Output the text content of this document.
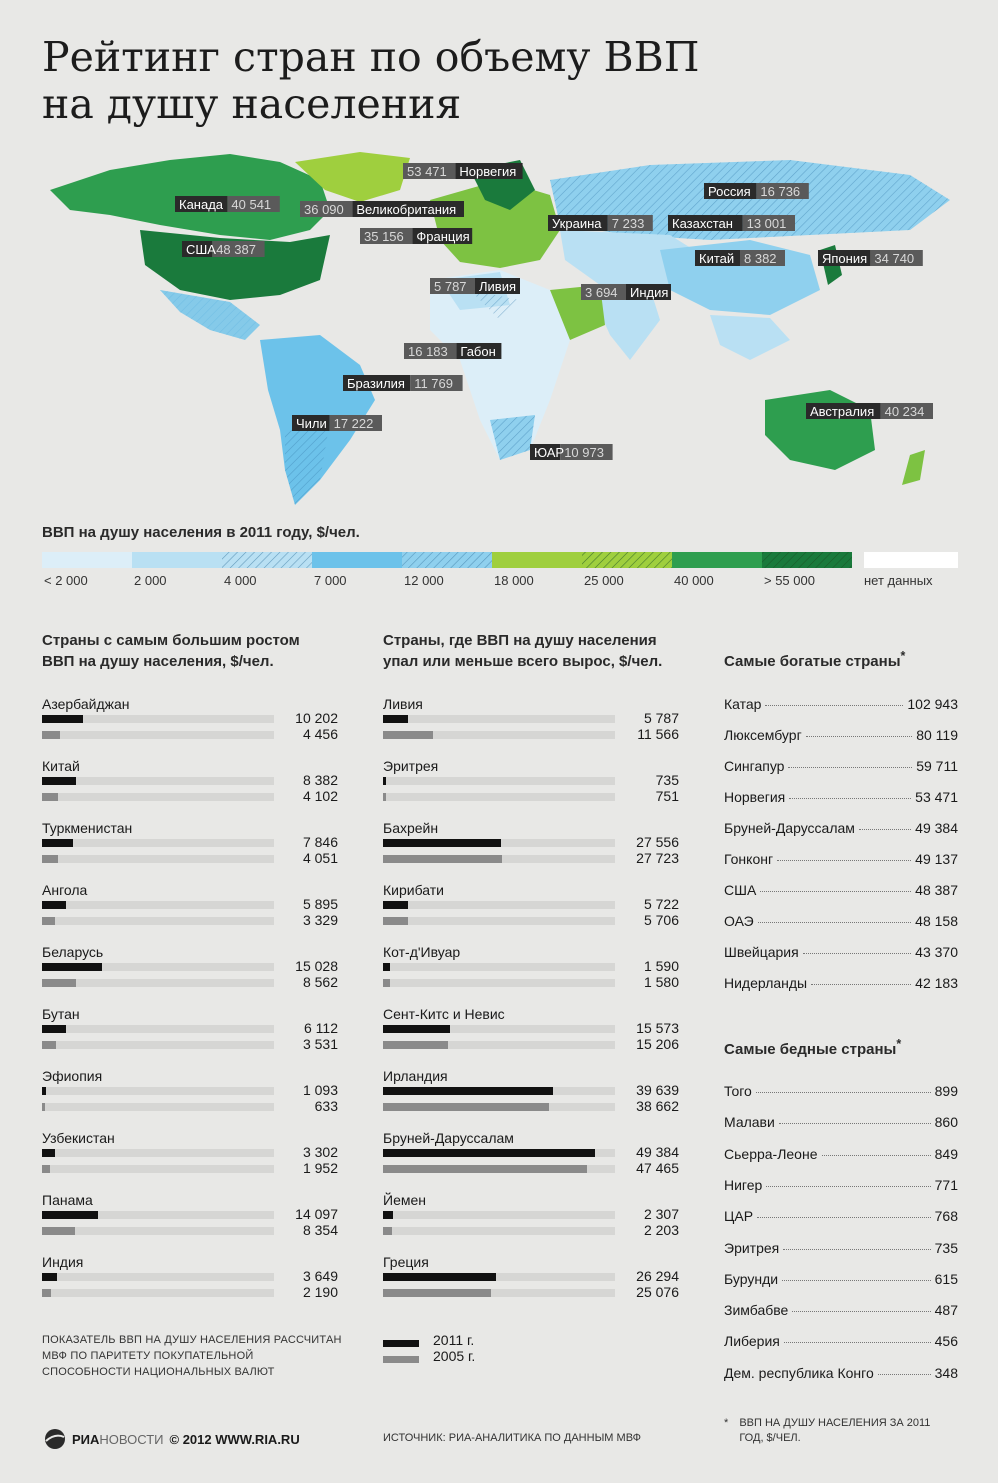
Рейтинг стран по объему ВВП
на душу населения
Канада 40 541
США 48 387
53 471 Норвегия
36 090 Великобритания
35 156 Франция
Украина 7 233
Россия 16 736
Казахстан 13 001
Китай 8 382	Япония 34 740
5 787 Ливия	3 694 Индия
16 183 Габон
Бразилия 11 769
Чили 17 222
ЮАР 10 973
Австралия 40 234
ВВП на душу населения в 2011 году, $/чел.
< 2 000	2 000	4 000	7 000	12 000	18 000	25 000	40 000	> 55 000	нет данных
Страны с самым большим ростом
ВВП на душу населения, $/чел.
Страны, где ВВП на душу населения
упал или меньше всего вырос, $/чел.	Самые богатые страны*
Самые бедные страны*
Азербайджан
10 202
4 456
Китай
8 382
4 102
Туркменистан
7 846
4 051
Ангола
5 895
3 329
Беларусь
15 028
8 562
Бутан
6 112
3 531
Эфиопия
1 093
633
Узбекистан
3 302
1 952
Панама
14 097
8 354
Индия
3 649
2 190
Ливия
5 787
11 566
Эритрея
735
751
Бахрейн
27 556
27 723
Кирибати
5 722
5 706
Кот-д'Ивуар
1 590
1 580
Сент-Китс и Невис
15 573
15 206
Ирландия
39 639
38 662
Бруней-Даруссалам
49 384
47 465
Йемен
2 307
2 203
Греция
26 294
25 076
Катар	102 943
Люксембург	80 119
Сингапур	59 711
Норвегия	53 471
Бруней-Даруссалам	49 384
Гонконг	49 137
США	48 387
ОАЭ	48 158
Швейцария	43 370
Нидерланды	42 183
Того	899
Малави	860
Сьерра-Леоне	849
Нигер	771
ЦАР	768
Эритрея	735
Бурунди	615
Зимбабве	487
Либерия	456
Дем. республика Конго	348
ПОКАЗАТЕЛЬ ВВП НА ДУШУ НАСЕЛЕНИЯ РАССЧИТАН МВФ ПО ПАРИТЕТУ ПОКУПАТЕЛЬНОЙ СПОСОБНОСТИ НАЦИОНАЛЬНЫХ ВАЛЮТ
2011 г.
2005 г.
РИА НОВОСТИ © 2012 WWW.RIA.RU	ИСТОЧНИК: РИА-АНАЛИТИКА ПО ДАННЫМ МВФ
* ВВП НА ДУШУ НАСЕЛЕНИЯ ЗА 2011 ГОД, $/ЧЕЛ.
